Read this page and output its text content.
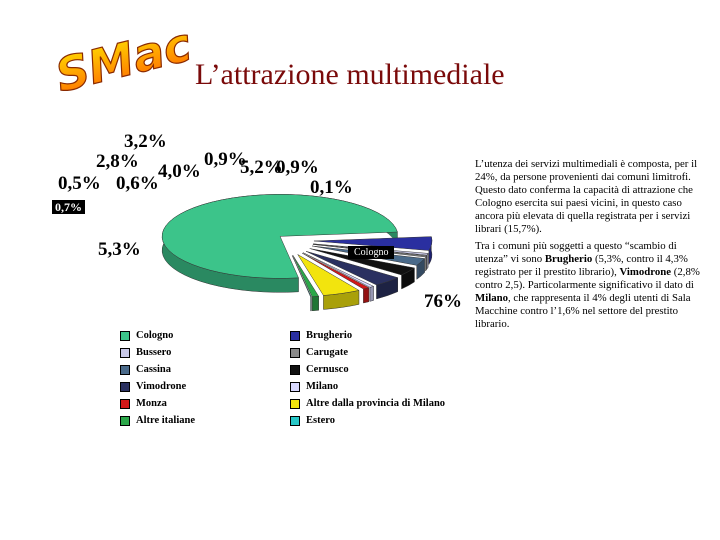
SMac
L’attrazione multimediale
76%
5,3%
0,7%
0,5%
2,8%
3,2%
4,0%
0,6%
0,9%
5,2%
0,9%
0,1%
Cologno
Cologno	Brugherio
Bussero	Carugate
Cassina	Cernusco
Vimodrone	Milano
Monza	Altre dalla provincia di Milano
Altre italiane	Estero

L’utenza dei servizi multimediali è composta, per il 24%, da persone provenienti dai comuni limitrofi. Questo dato conferma la capacità di attrazione che Cologno esercita sui paesi vicini, in questo caso ancora più elevata di quella registrata per i servizi librari (15,7%).

Tra i comuni più soggetti a questo “scambio di utenza” vi sono Brugherio (5,3%, contro il 4,3% registrato per il prestito librario), Vimodrone (2,8% contro 2,5). Particolarmente significativo il dato di Milano, che rappresenta il 4% degli utenti di Sala Macchine contro l’1,6% nel settore del prestito librario.
